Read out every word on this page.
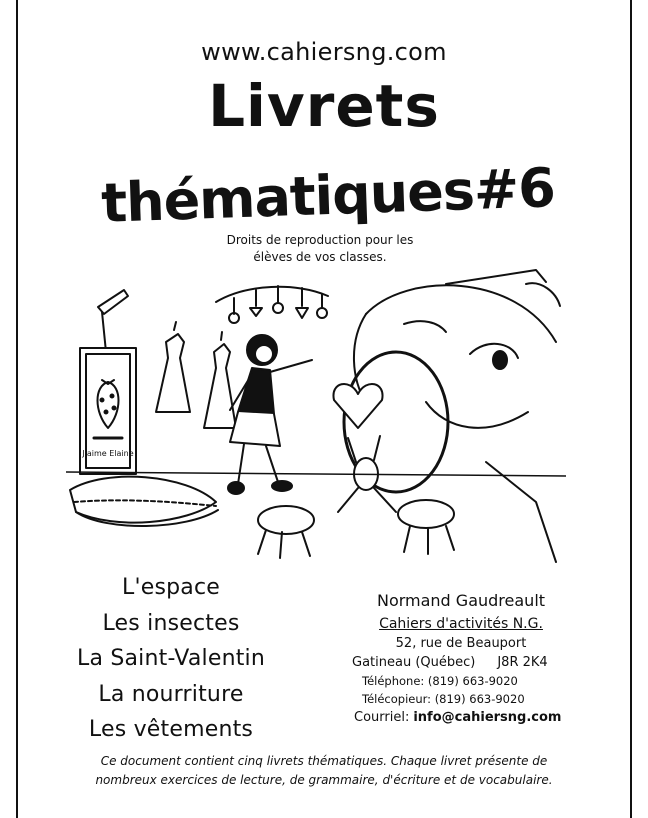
www.cahiersng.com
Livrets
thématiques#6
Droits de reproduction pour les
élèves de vos classes.
J'aime Elaine
L'espace
Les insectes
La Saint-Valentin
La nourriture
Les vêtements
Normand Gaudreault
Cahiers d'activités N.G.
52, rue de Beauport
Gatineau (Québec) J8R 2K4
Téléphone: (819) 663-9020
Télécopieur: (819) 663-9020
Courriel: info@cahiersng.com
Ce document contient cinq livrets thématiques. Chaque livret présente de
nombreux exercices de lecture, de grammaire, d'écriture et de vocabulaire.
